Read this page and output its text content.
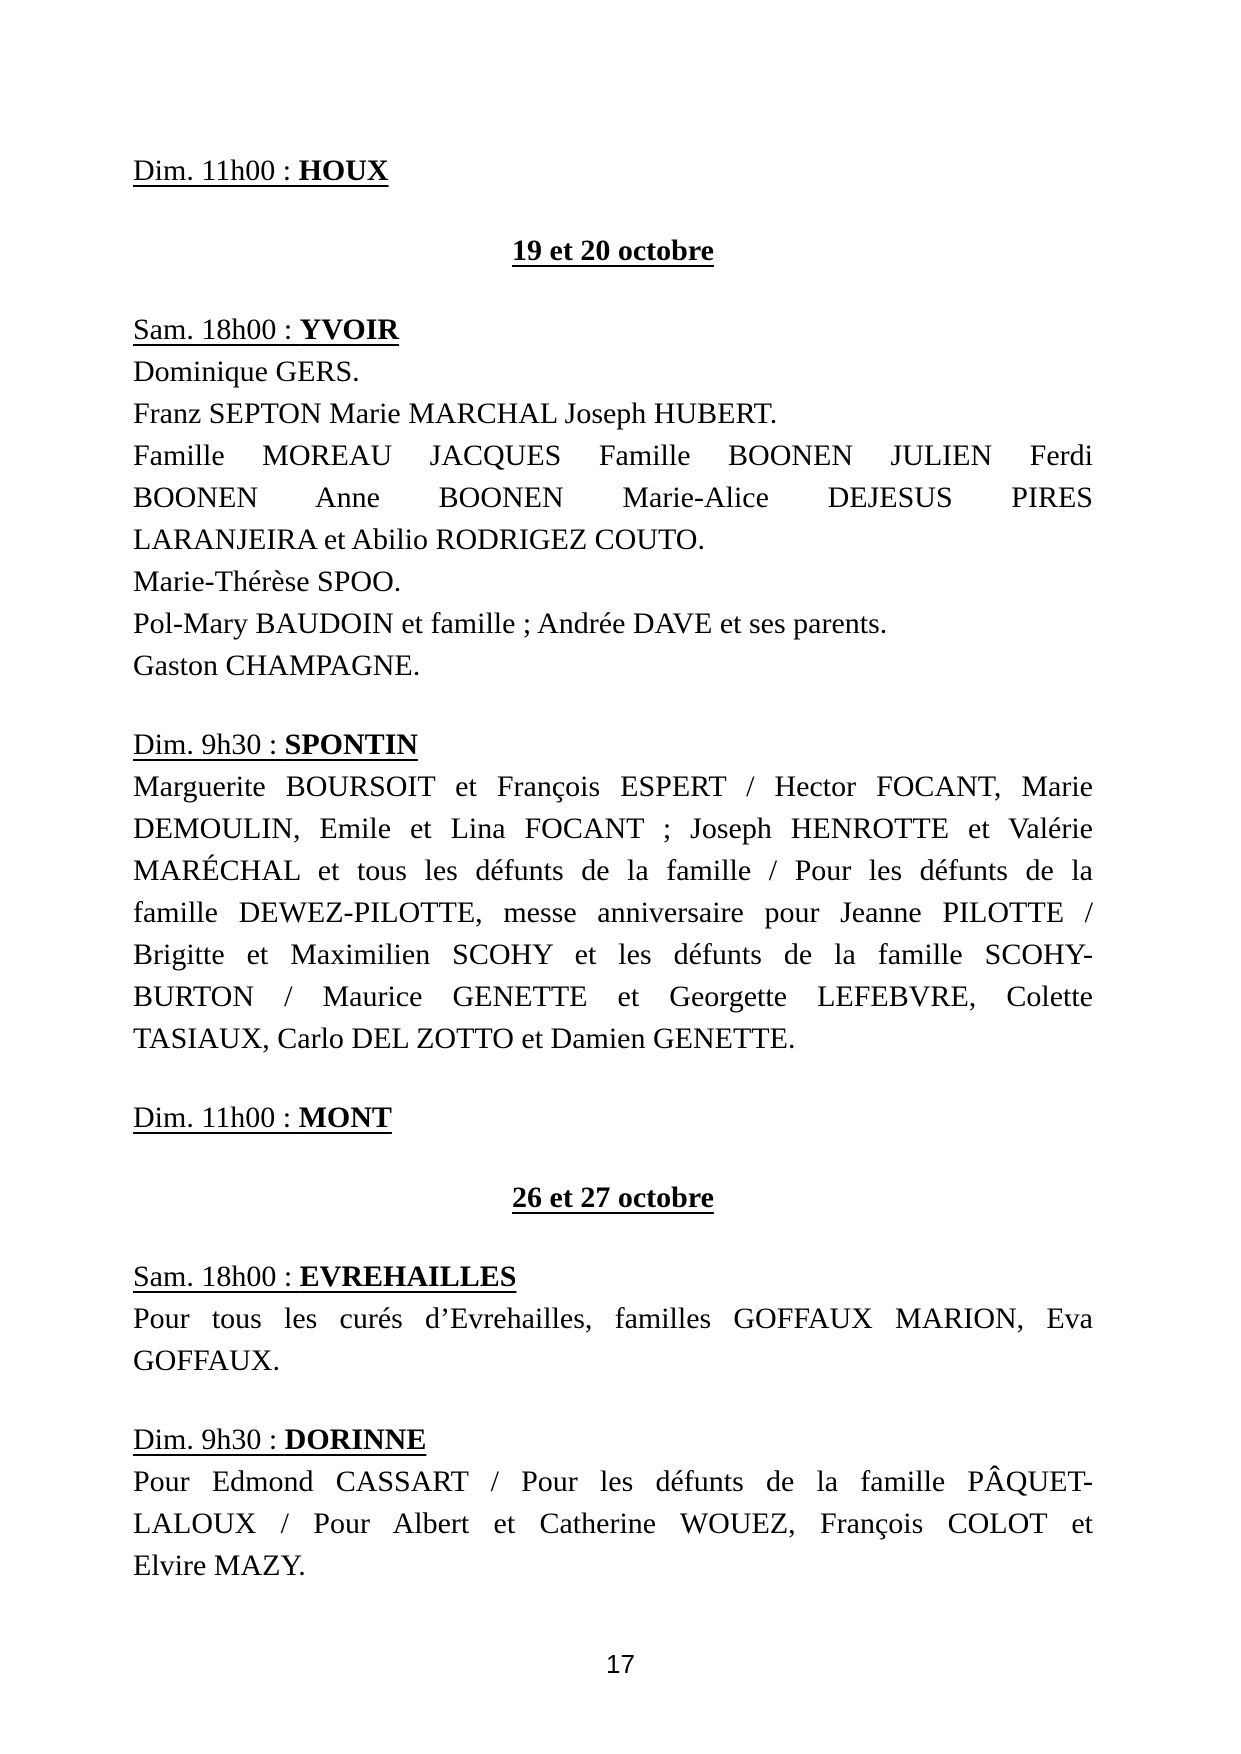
Dim. 11h00 : HOUX
19 et 20 octobre
Sam. 18h00 : YVOIR
Dominique GERS.
Franz SEPTON Marie MARCHAL Joseph HUBERT.
Famille MOREAU JACQUES Famille BOONEN JULIEN Ferdi
BOONEN Anne BOONEN Marie-Alice DEJESUS PIRES
LARANJEIRA et Abilio RODRIGEZ COUTO.
Marie-Thérèse SPOO.
Pol-Mary BAUDOIN et famille ; Andrée DAVE et ses parents.
Gaston CHAMPAGNE.
Dim. 9h30 : SPONTIN
Marguerite BOURSOIT et François ESPERT / Hector FOCANT, Marie
DEMOULIN, Emile et Lina FOCANT ; Joseph HENROTTE et Valérie
MARÉCHAL et tous les défunts de la famille / Pour les défunts de la
famille DEWEZ-PILOTTE, messe anniversaire pour Jeanne PILOTTE /
Brigitte et Maximilien SCOHY et les défunts de la famille SCOHY-
BURTON / Maurice GENETTE et Georgette LEFEBVRE, Colette
TASIAUX, Carlo DEL ZOTTO et Damien GENETTE.
Dim. 11h00 : MONT
26 et 27 octobre
Sam. 18h00 : EVREHAILLES
Pour tous les curés d’Evrehailles, familles GOFFAUX MARION, Eva
GOFFAUX.
Dim. 9h30 : DORINNE
Pour Edmond CASSART / Pour les défunts de la famille PÂQUET-
LALOUX / Pour Albert et Catherine WOUEZ, François COLOT et
Elvire MAZY.
17
